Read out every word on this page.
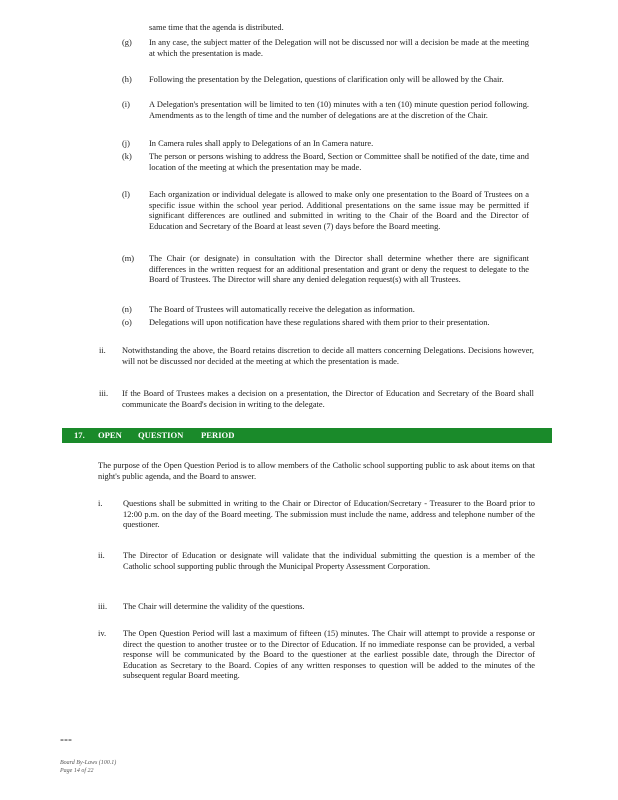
same time that the agenda is distributed.
(g) In any case, the subject matter of the Delegation will not be discussed nor will a decision be made at the meeting at which the presentation is made.
(h) Following the presentation by the Delegation, questions of clarification only will be allowed by the Chair.
(i) A Delegation's presentation will be limited to ten (10) minutes with a ten (10) minute question period following. Amendments as to the length of time and the number of delegations are at the discretion of the Chair.
(j) In Camera rules shall apply to Delegations of an In Camera nature.
(k) The person or persons wishing to address the Board, Section or Committee shall be notified of the date, time and location of the meeting at which the presentation may be made.
(l) Each organization or individual delegate is allowed to make only one presentation to the Board of Trustees on a specific issue within the school year period. Additional presentations on the same issue may be permitted if significant differences are outlined and submitted in writing to the Chair of the Board and the Director of Education and Secretary of the Board at least seven (7) days before the Board meeting.
(m) The Chair (or designate) in consultation with the Director shall determine whether there are significant differences in the written request for an additional presentation and grant or deny the request to delegate to the Board of Trustees. The Director will share any denied delegation request(s) with all Trustees.
(n) The Board of Trustees will automatically receive the delegation as information.
(o) Delegations will upon notification have these regulations shared with them prior to their presentation.
ii. Notwithstanding the above, the Board retains discretion to decide all matters concerning Delegations. Decisions however, will not be discussed nor decided at the meeting at which the presentation is made.
iii. If the Board of Trustees makes a decision on a presentation, the Director of Education and Secretary of the Board shall communicate the Board's decision in writing to the delegate.
17. OPEN QUESTION PERIOD
The purpose of the Open Question Period is to allow members of the Catholic school supporting public to ask about items on that night's public agenda, and the Board to answer.
i. Questions shall be submitted in writing to the Chair or Director of Education/Secretary - Treasurer to the Board prior to 12:00 p.m. on the day of the Board meeting. The submission must include the name, address and telephone number of the questioner.
ii. The Director of Education or designate will validate that the individual submitting the question is a member of the Catholic school supporting public through the Municipal Property Assessment Corporation.
iii. The Chair will determine the validity of the questions.
iv. The Open Question Period will last a maximum of fifteen (15) minutes. The Chair will attempt to provide a response or direct the question to another trustee or to the Director of Education. If no immediate response can be provided, a verbal response will be communicated by the Board to the questioner at the earliest possible date, through the Director of Education as Secretary to the Board. Copies of any written responses to question will be added to the minutes of the subsequent regular Board meeting.
---
Board By-Laws (100.1)
Page 14 of 22
